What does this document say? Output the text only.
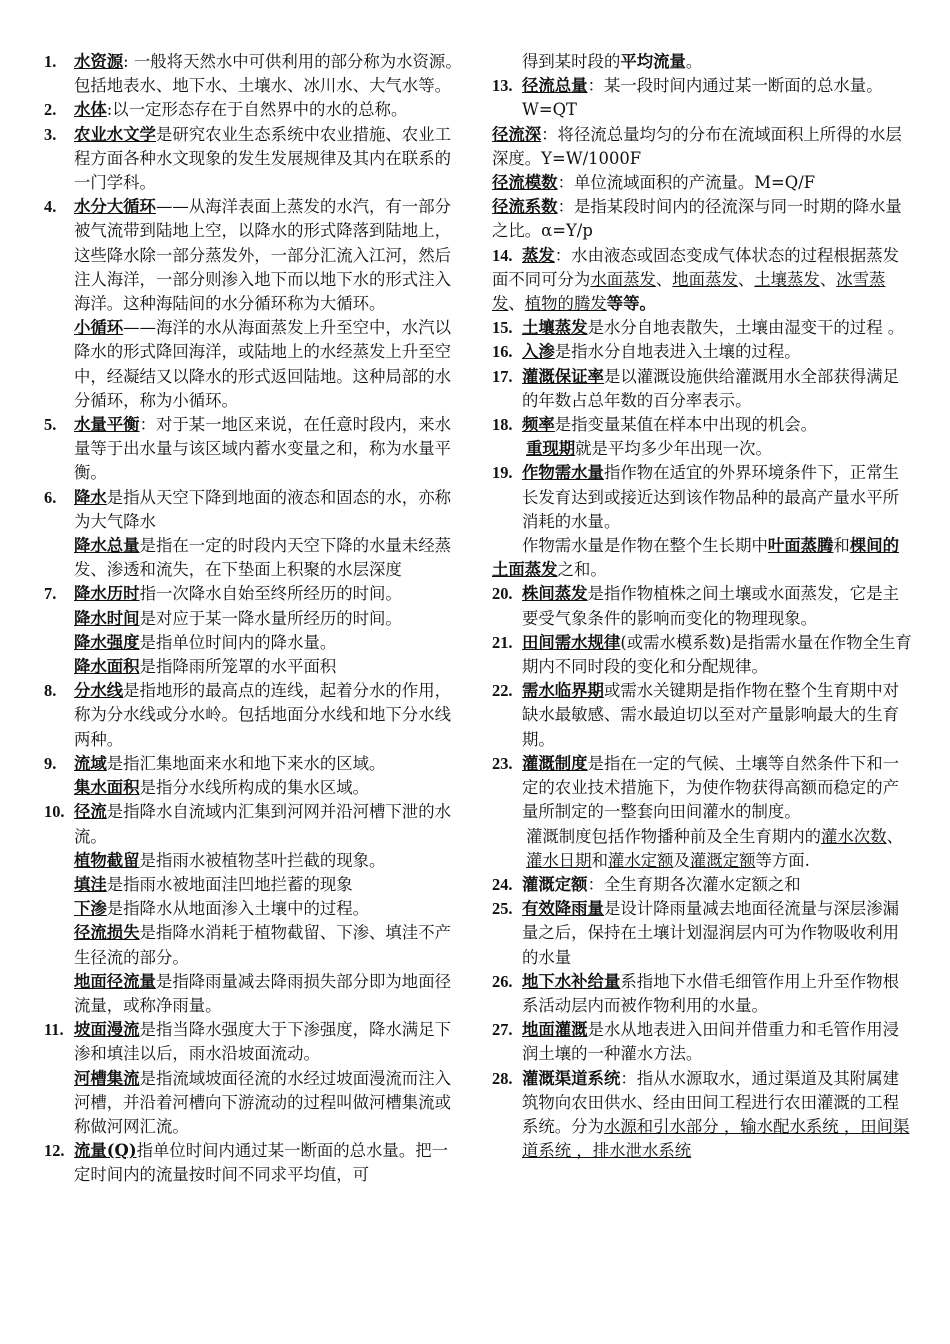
1. 水资源: 一般将天然水中可供利用的部分称为水资源。包括地表水、地下水、土壤水、冰川水、大气水等。

2. 水体:以一定形态存在于自然界中的水的总称。

3. 农业水文学是研究农业生态系统中农业措施、农业工程方面各种水文现象的发生发展规律及其内在联系的一门学科。

4. 水分大循环——从海洋表面上蒸发的水汽，有一部分被气流带到陆地上空，以降水的形式降落到陆地上，这些降水除一部分蒸发外，一部分汇流入江河，然后注人海洋，一部分则渗入地下而以地下水的形式注入海洋。这种海陆间的水分循环称为大循环。

小循环——海洋的水从海面蒸发上升至空中，水汽以降水的形式降回海洋，或陆地上的水经蒸发上升至空中，经凝结又以降水的形式返回陆地。这种局部的水分循环，称为小循环。

5. 水量平衡：对于某一地区来说，在任意时段内，来水量等于出水量与该区域内蓄水变量之和，称为水量平衡。

6. 降水是指从天空下降到地面的液态和固态的水，亦称为大气降水

降水总量是指在一定的时段内天空下降的水量未经蒸发、渗透和流失，在下垫面上积聚的水层深度

7. 降水历时指一次降水自始至终所经历的时间。

降水时间是对应于某一降水量所经历的时间。

降水强度是指单位时间内的降水量。

降水面积是指降雨所笼罩的水平面积

8. 分水线是指地形的最高点的连线，起着分水的作用，称为分水线或分水岭。包括地面分水线和地下分水线两种。

9. 流域是指汇集地面来水和地下来水的区域。

集水面积是指分水线所构成的集水区域。

10. 径流是指降水自流域内汇集到河网并沿河槽下泄的水流。

植物截留是指雨水被植物茎叶拦截的现象。

填洼是指雨水被地面洼凹地拦蓄的现象

下渗是指降水从地面渗入土壤中的过程。

径流损失是指降水消耗于植物截留、下渗、填洼不产生径流的部分。

地面径流量是指降雨量减去降雨损失部分即为地面径流量，或称净雨量。

11. 坡面漫流是指当降水强度大于下渗强度，降水满足下渗和填洼以后，雨水沿坡面流动。

河槽集流是指流域坡面径流的水经过坡面漫流而注入河槽，并沿着河槽向下游流动的过程叫做河槽集流或称做河网汇流。

12. 流量(Q)指单位时间内通过某一断面的总水量。把一定时间内的流量按时间不同求平均值，可

得到某时段的平均流量。

13. 径流总量：某一段时间内通过某一断面的总水量。W=QT

径流深：将径流总量均匀的分布在流域面积上所得的水层深度。Y=W/1000F

径流模数：单位流域面积的产流量。M=Q/F

径流系数：是指某段时间内的径流深与同一时期的降水量之比。α=Y/p

14. 蒸发：水由液态或固态变成气体状态的过程根据蒸发面不同可分为水面蒸发、地面蒸发、土壤蒸发、冰雪蒸发、植物的腾发等等。

15. 土壤蒸发是水分自地表散失，土壤由湿变干的过程 。

16. 入渗是指水分自地表进入土壤的过程。

17. 灌溉保证率是以灌溉设施供给灌溉用水全部获得满足的年数占总年数的百分率表示。

18. 频率是指变量某值在样本中出现的机会。

重现期就是平均多少年出现一次。

19. 作物需水量指作物在适宜的外界环境条件下，正常生长发育达到或接近达到该作物品种的最高产量水平所消耗的水量。

作物需水量是作物在整个生长期中叶面蒸腾和棵间的土面蒸发之和。

20. 株间蒸发是指作物植株之间土壤或水面蒸发，它是主要受气象条件的影响而变化的物理现象。

21. 田间需水规律(或需水模系数)是指需水量在作物全生育期内不同时段的变化和分配规律。

22. 需水临界期或需水关键期是指作物在整个生育期中对缺水最敏感、需水最迫切以至对产量影响最大的生育期。

23. 灌溉制度是指在一定的气候、土壤等自然条件下和一定的农业技术措施下，为使作物获得高额而稳定的产量所制定的一整套向田间灌水的制度。

灌溉制度包括作物播种前及全生育期内的灌水次数、灌水日期和灌水定额及灌溉定额等方面.

24. 灌溉定额：全生育期各次灌水定额之和

25. 有效降雨量是设计降雨量减去地面径流量与深层渗漏量之后，保持在土壤计划湿润层内可为作物吸收利用的水量

26. 地下水补给量系指地下水借毛细管作用上升至作物根系活动层内而被作物利用的水量。

27. 地面灌溉是水从地表进入田间并借重力和毛管作用浸润土壤的一种灌水方法。

28. 灌溉渠道系统：指从水源取水，通过渠道及其附属建筑物向农田供水、经由田间工程进行农田灌溉的工程系统。分为水源和引水部分 ，输水配水系统 ，田间渠道系统 ，排水泄水系统
